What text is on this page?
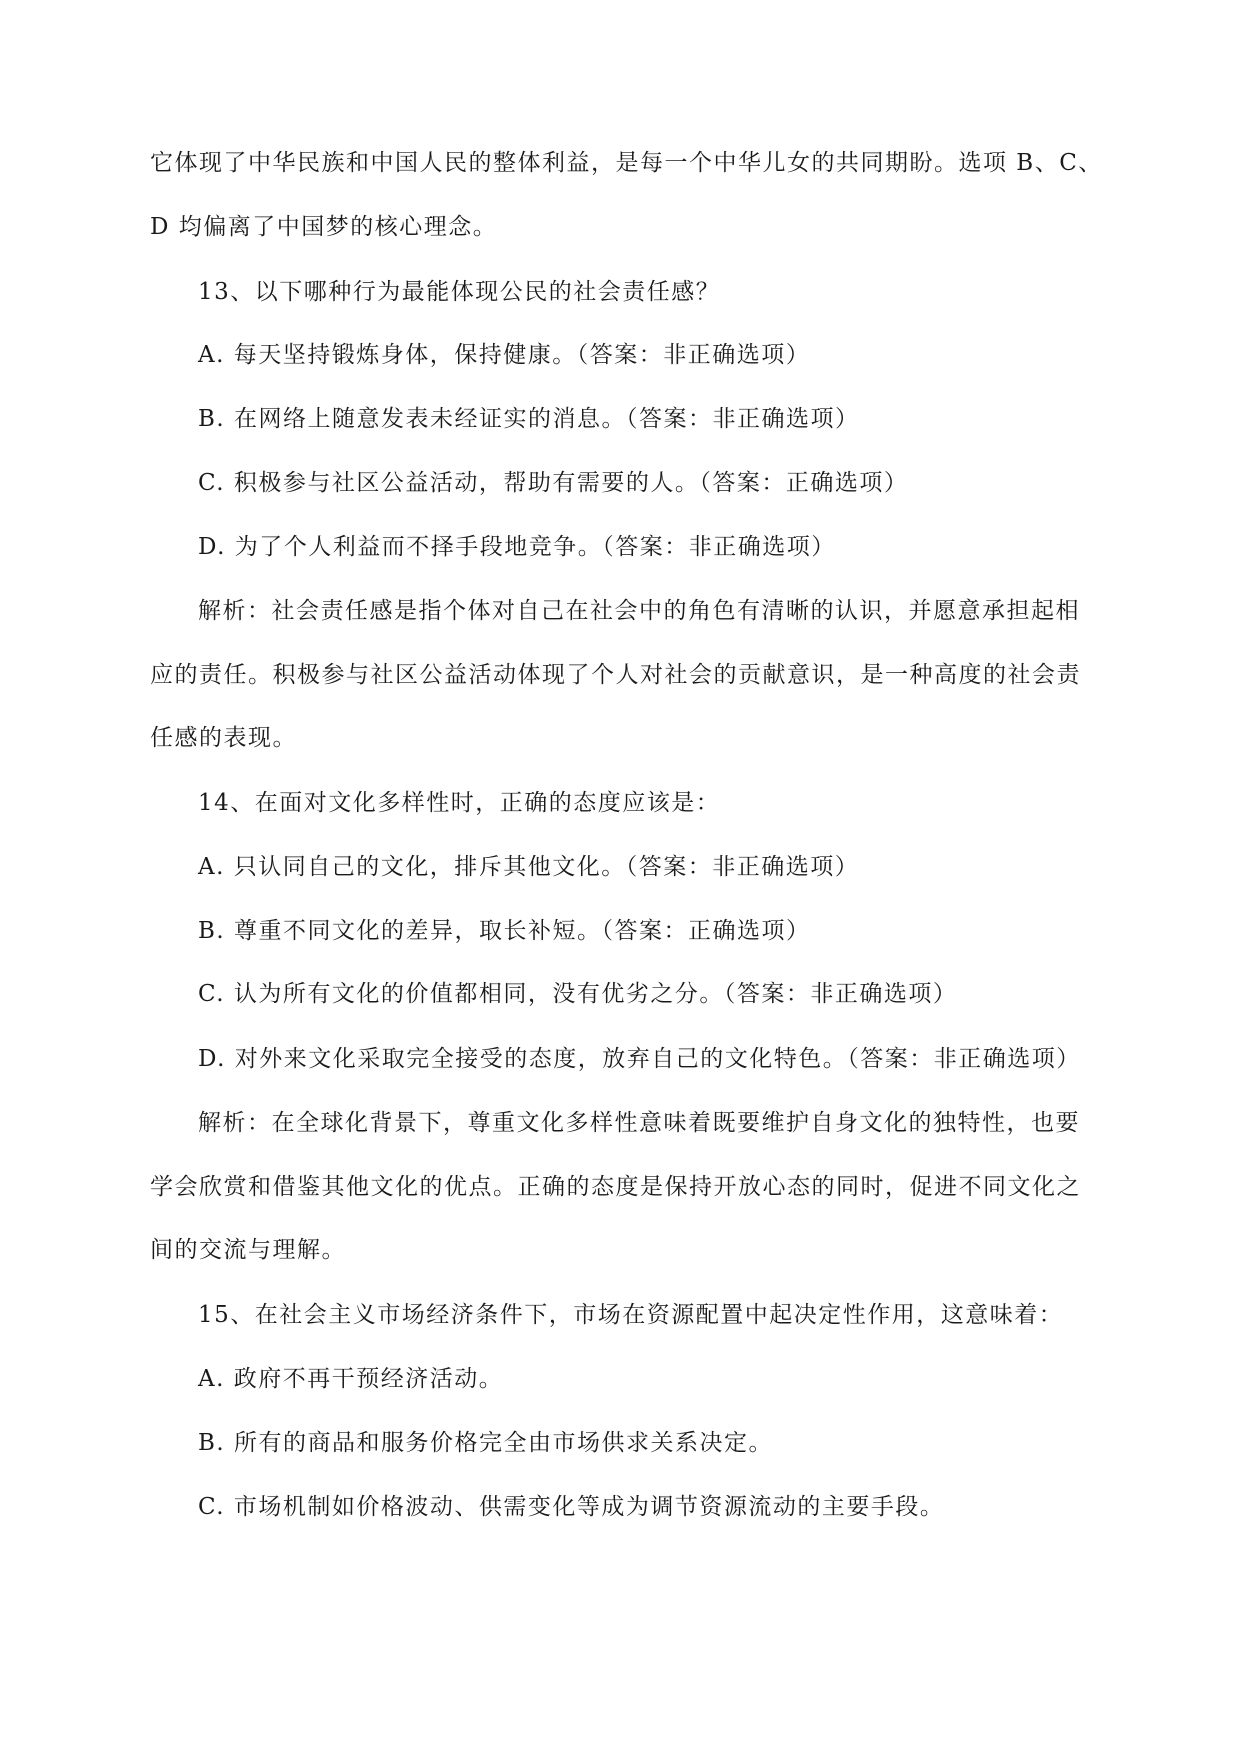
它体现了中华民族和中国人民的整体利益，是每一个中华儿女的共同期盼。选项 B、C、
D 均偏离了中国梦的核心理念。
13、以下哪种行为最能体现公民的社会责任感？
A. 每天坚持锻炼身体，保持健康。（答案：非正确选项）
B. 在网络上随意发表未经证实的消息。（答案：非正确选项）
C. 积极参与社区公益活动，帮助有需要的人。（答案：正确选项）
D. 为了个人利益而不择手段地竞争。（答案：非正确选项）
解析：社会责任感是指个体对自己在社会中的角色有清晰的认识，并愿意承担起相
应的责任。积极参与社区公益活动体现了个人对社会的贡献意识，是一种高度的社会责
任感的表现。
14、在面对文化多样性时，正确的态度应该是：
A. 只认同自己的文化，排斥其他文化。（答案：非正确选项）
B. 尊重不同文化的差异，取长补短。（答案：正确选项）
C. 认为所有文化的价值都相同，没有优劣之分。（答案：非正确选项）
D. 对外来文化采取完全接受的态度，放弃自己的文化特色。（答案：非正确选项）
解析：在全球化背景下，尊重文化多样性意味着既要维护自身文化的独特性，也要
学会欣赏和借鉴其他文化的优点。正确的态度是保持开放心态的同时，促进不同文化之
间的交流与理解。
15、在社会主义市场经济条件下，市场在资源配置中起决定性作用，这意味着：
A. 政府不再干预经济活动。
B. 所有的商品和服务价格完全由市场供求关系决定。
C. 市场机制如价格波动、供需变化等成为调节资源流动的主要手段。
